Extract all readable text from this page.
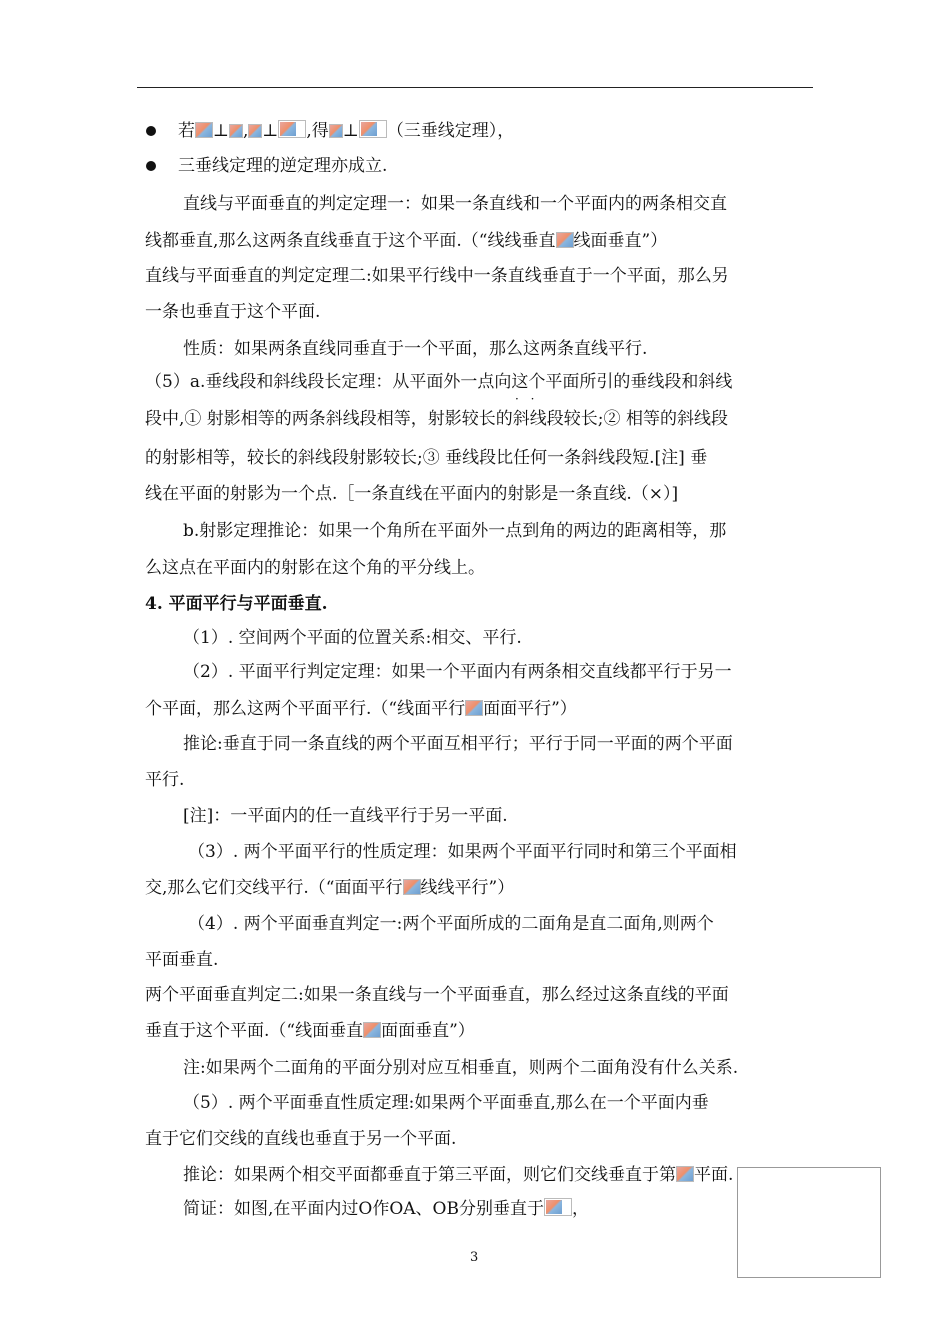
若 ⊥ , ⊥ ,得 ⊥ （三垂线定理），
三垂线定理的逆定理亦成立.
直线与平面垂直的判定定理一：如果一条直线和一个平面内的两条相交直
线都垂直,那么这两条直线垂直于这个平面.（“线线垂直 线面垂直”）
直线与平面垂直的判定定理二:如果平行线中一条直线垂直于一个平面，那么另
一条也垂直于这个平面.
性质：如果两条直线同垂直于一个平面，那么这两条直线平行.
（5）a.垂线段和斜线段长定理：从平面外一点向这个平面所引的垂线段和斜线
· ·
段中,① 射影相等的两条斜线段相等，射影较长的斜线段较长;② 相等的斜线段
的射影相等，较长的斜线段射影较长;③ 垂线段比任何一条斜线段短.[注] 垂
线在平面的射影为一个点.［一条直线在平面内的射影是一条直线.（×）]
b.射影定理推论：如果一个角所在平面外一点到角的两边的距离相等，那
么这点在平面内的射影在这个角的平分线上。
4. 平面平行与平面垂直.
（1）. 空间两个平面的位置关系:相交、平行.
（2）. 平面平行判定定理：如果一个平面内有两条相交直线都平行于另一
个平面，那么这两个平面平行.（“线面平行 面面平行”）
推论:垂直于同一条直线的两个平面互相平行；平行于同一平面的两个平面
平行.
[注]：一平面内的任一直线平行于另一平面.
（3）. 两个平面平行的性质定理：如果两个平面平行同时和第三个平面相
交,那么它们交线平行.（“面面平行 线线平行”）
（4）. 两个平面垂直判定一:两个平面所成的二面角是直二面角,则两个
平面垂直.
两个平面垂直判定二:如果一条直线与一个平面垂直，那么经过这条直线的平面
垂直于这个平面.（“线面垂直 面面垂直”）
注:如果两个二面角的平面分别对应互相垂直，则两个二面角没有什么关系.
（5）. 两个平面垂直性质定理:如果两个平面垂直,那么在一个平面内垂
直于它们交线的直线也垂直于另一个平面.
推论：如果两个相交平面都垂直于第三平面，则它们交线垂直于第 平面.
简证：如图,在平面内过O作OA、OB分别垂直于 ，
3
